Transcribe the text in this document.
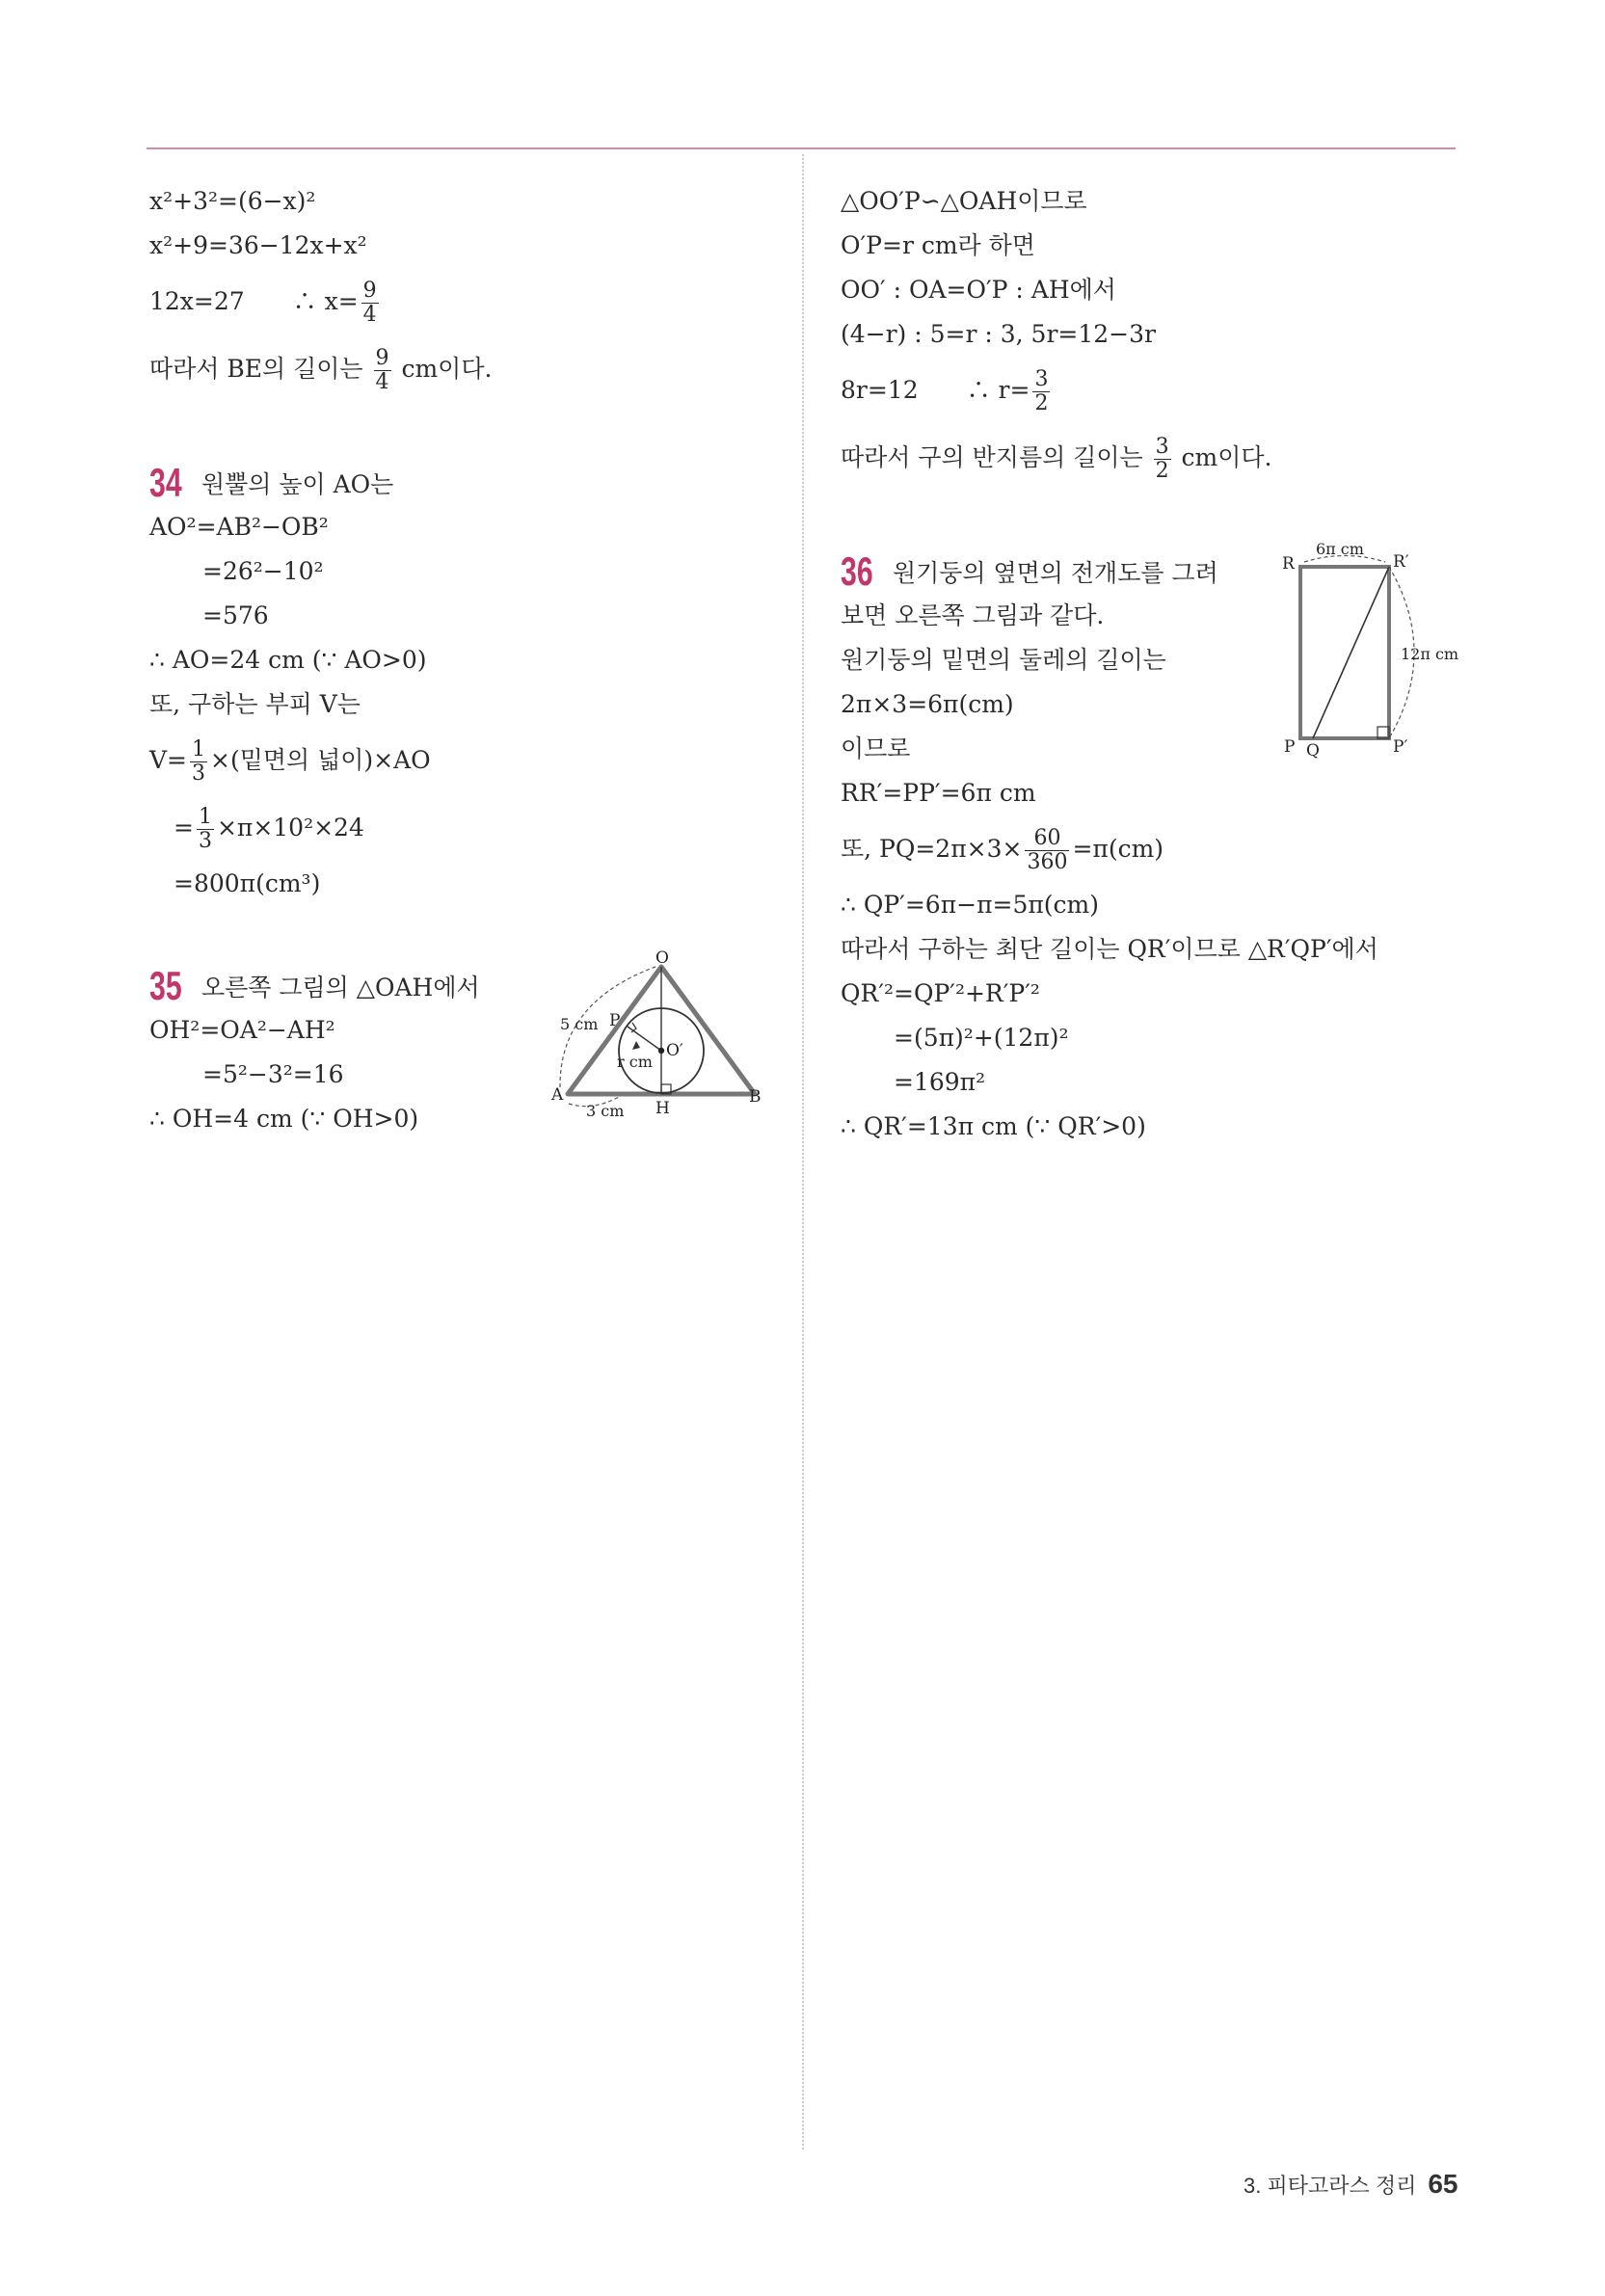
x²+3²=(6−x)²
x²+9=36−12x+x²
12x=27　　∴ $x= \frac{9}{4}$
따라서 BE의 길이는 $\frac{9}{4}$ cm이다.
34 원뿔의 높이 AO는
AO²=AB²−OB²
=26²−10²
=576
∴ AO=24 cm (∵ AO>0)
또, 구하는 부피 V는
$V= \frac{1}{3}$ ×(밑면의 넓이)×AO
= $\frac{1}{3} \times\pi\times 10^2\times 24$
=800π(cm³)
35 오른쪽 그림의 △OAH에서
OH²=OA²−AH²
=5²−3²=16
∴ OH=4 cm (∵ OH>0)
O
P
O′
A
H
B
5 cm
3 cm
r cm
△OO′P∽△OAH이므로
O′P=r cm라 하면
OO′ : OA=O′P : AH에서
(4−r) : 5=r : 3, 5r=12−3r
8r=12　　∴ $r= \frac{3}{2}$
따라서 구의 반지름의 길이는 $\frac{3}{2}$ cm이다.
36 원기둥의 옆면의 전개도를 그려
보면 오른쪽 그림과 같다.
원기둥의 밑면의 둘레의 길이는
2π×3=6π(cm)
이므로
RR′=PP′=6π cm
또, $PQ=2\pi\times 3\times \frac{60}{360} =\pi(cm)$
∴ QP′=6π−π=5π(cm)
따라서 구하는 최단 길이는 QR′이므로 △R′QP′에서
QR′²=QP′²+R′P′²
=(5π)²+(12π)²
=169π²
∴ QR′=13π cm (∵ QR′>0)
R	R′
P Q	P′
6π cm
12π cm
3. 피타고라스 정리 65
